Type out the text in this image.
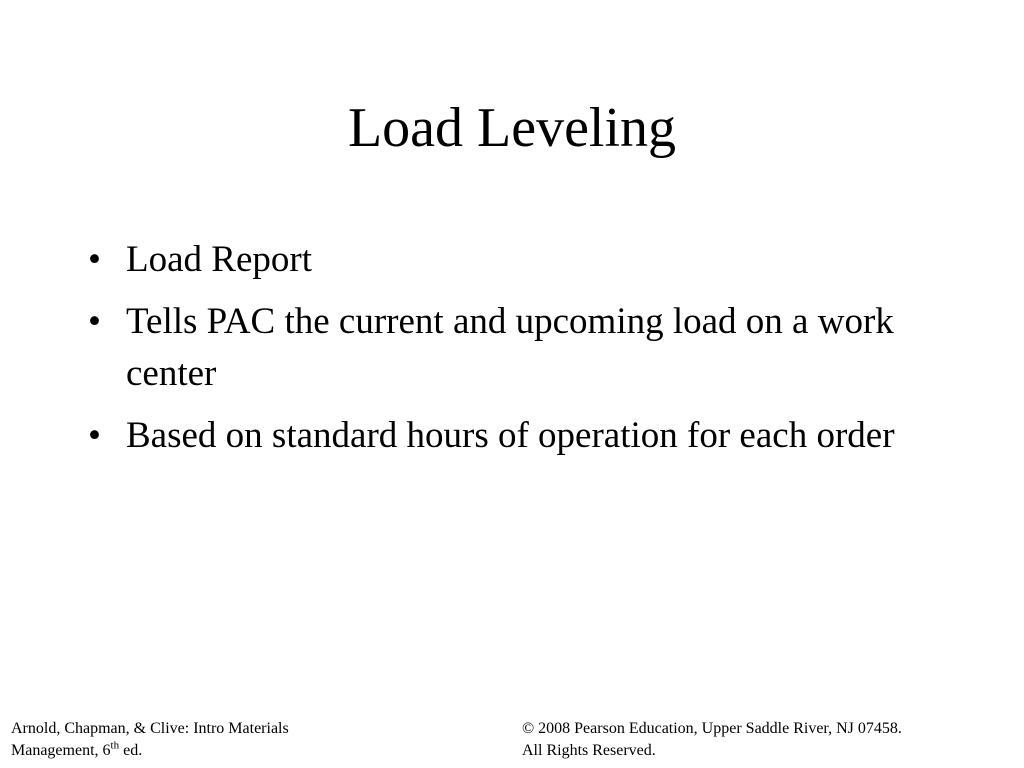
Load Leveling
• Load Report
• Tells PAC the current and upcoming load on a work center
• Based on standard hours of operation for each order
Arnold, Chapman, & Clive: Intro Materials
Management, 6th ed.
© 2008 Pearson Education, Upper Saddle River, NJ 07458.
All Rights Reserved.
